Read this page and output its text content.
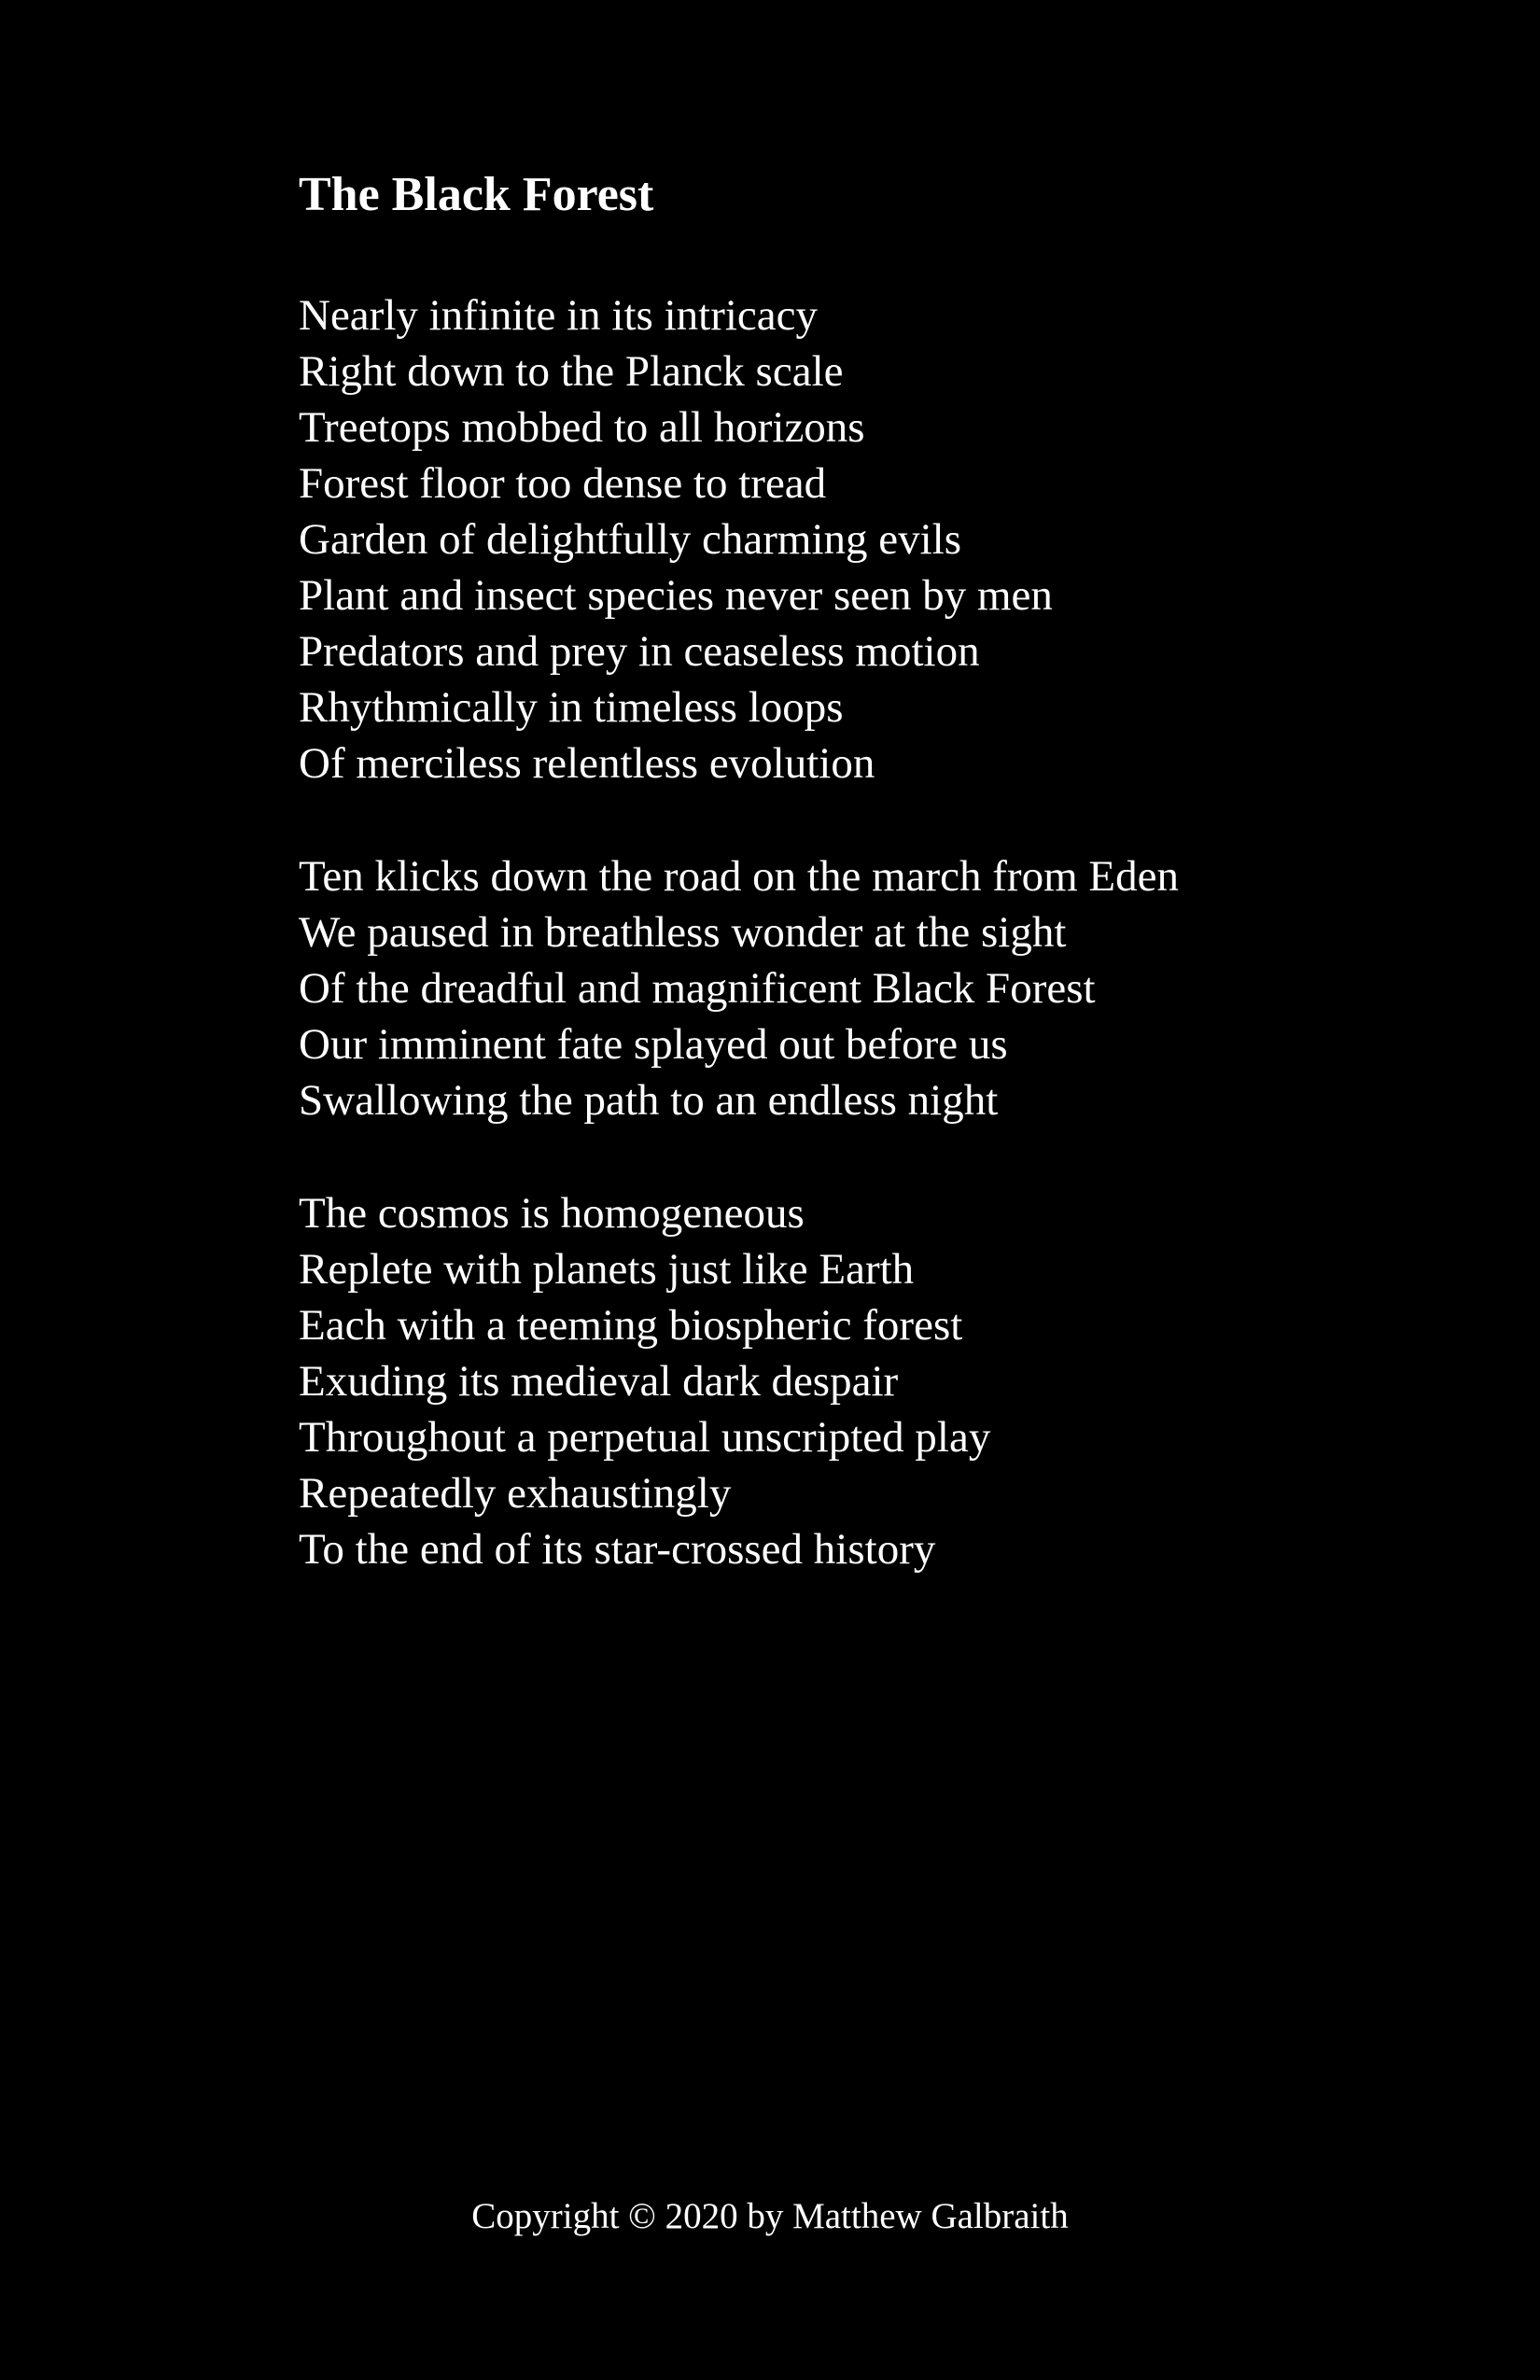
The Black Forest
Nearly infinite in its intricacy
Right down to the Planck scale
Treetops mobbed to all horizons
Forest floor too dense to tread
Garden of delightfully charming evils
Plant and insect species never seen by men
Predators and prey in ceaseless motion
Rhythmically in timeless loops
Of merciless relentless evolution
Ten klicks down the road on the march from Eden
We paused in breathless wonder at the sight
Of the dreadful and magnificent Black Forest
Our imminent fate splayed out before us
Swallowing the path to an endless night
The cosmos is homogeneous
Replete with planets just like Earth
Each with a teeming biospheric forest
Exuding its medieval dark despair
Throughout a perpetual unscripted play
Repeatedly exhaustingly
To the end of its star-crossed history
Copyright © 2020 by Matthew Galbraith
